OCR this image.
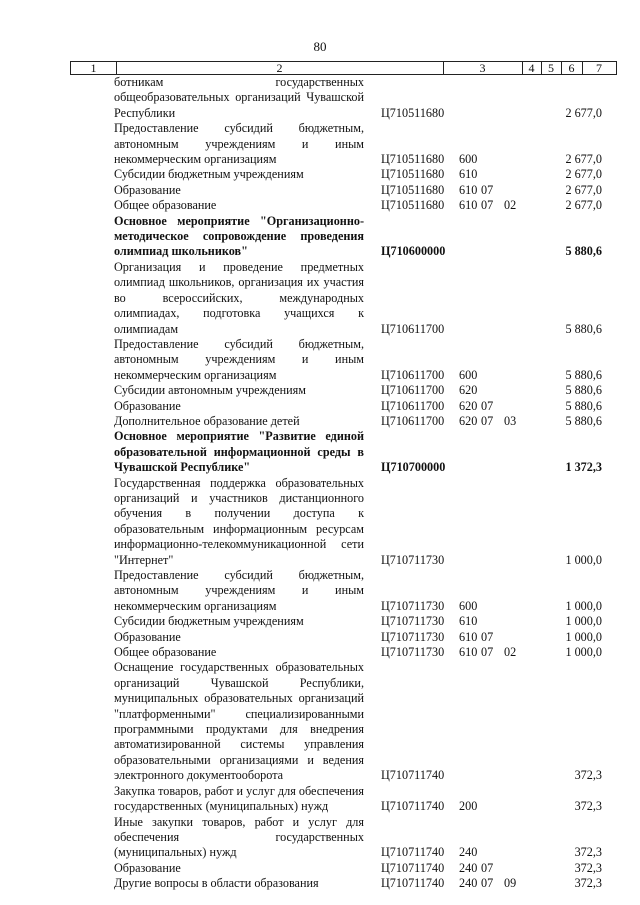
80
1	2	3	4	5	6	7
ботникам государственных общеобразовательных организаций Чувашской Республики	Ц710511680	2 677,0
Предоставление субсидий бюджетным, автономным учреждениям и иным некоммерческим организациям	Ц710511680 600	2 677,0
Субсидии бюджетным учреждениям	Ц710511680 610	2 677,0
Образование	Ц710511680 610 07	2 677,0
Общее образование	Ц710511680 610 07 02	2 677,0
Основное мероприятие "Организационно-методическое сопровождение проведения олимпиад школьников"	Ц710600000	5 880,6
Организация и проведение предметных олимпиад школьников, организация их участия во всероссийских, международных олимпиадах, подготовка учащихся к олимпиадам	Ц710611700	5 880,6
Предоставление субсидий бюджетным, автономным учреждениям и иным некоммерческим организациям	Ц710611700 600	5 880,6
Субсидии автономным учреждениям	Ц710611700 620	5 880,6
Образование	Ц710611700 620 07	5 880,6
Дополнительное образование детей	Ц710611700 620 07 03	5 880,6
Основное мероприятие "Развитие единой образовательной информационной среды в Чувашской Республике"	Ц710700000	1 372,3
Государственная поддержка образовательных организаций и участников дистанционного обучения в получении доступа к образовательным информационным ресурсам информационно-телекоммуникационной сети "Интернет"	Ц710711730	1 000,0
Предоставление субсидий бюджетным, автономным учреждениям и иным некоммерческим организациям	Ц710711730 600	1 000,0
Субсидии бюджетным учреждениям	Ц710711730 610	1 000,0
Образование	Ц710711730 610 07	1 000,0
Общее образование	Ц710711730 610 07 02	1 000,0
Оснащение государственных образовательных организаций Чувашской Республики, муниципальных образовательных организаций "платформенными" специализированными программными продуктами для внедрения автоматизированной системы управления образовательными организациями и ведения электронного документооборота	Ц710711740	372,3
Закупка товаров, работ и услуг для обеспечения государственных (муниципальных) нужд	Ц710711740 200	372,3
Иные закупки товаров, работ и услуг для обеспечения государственных (муниципальных) нужд	Ц710711740 240	372,3
Образование	Ц710711740 240 07	372,3
Другие вопросы в области образования	Ц710711740 240 07 09	372,3
